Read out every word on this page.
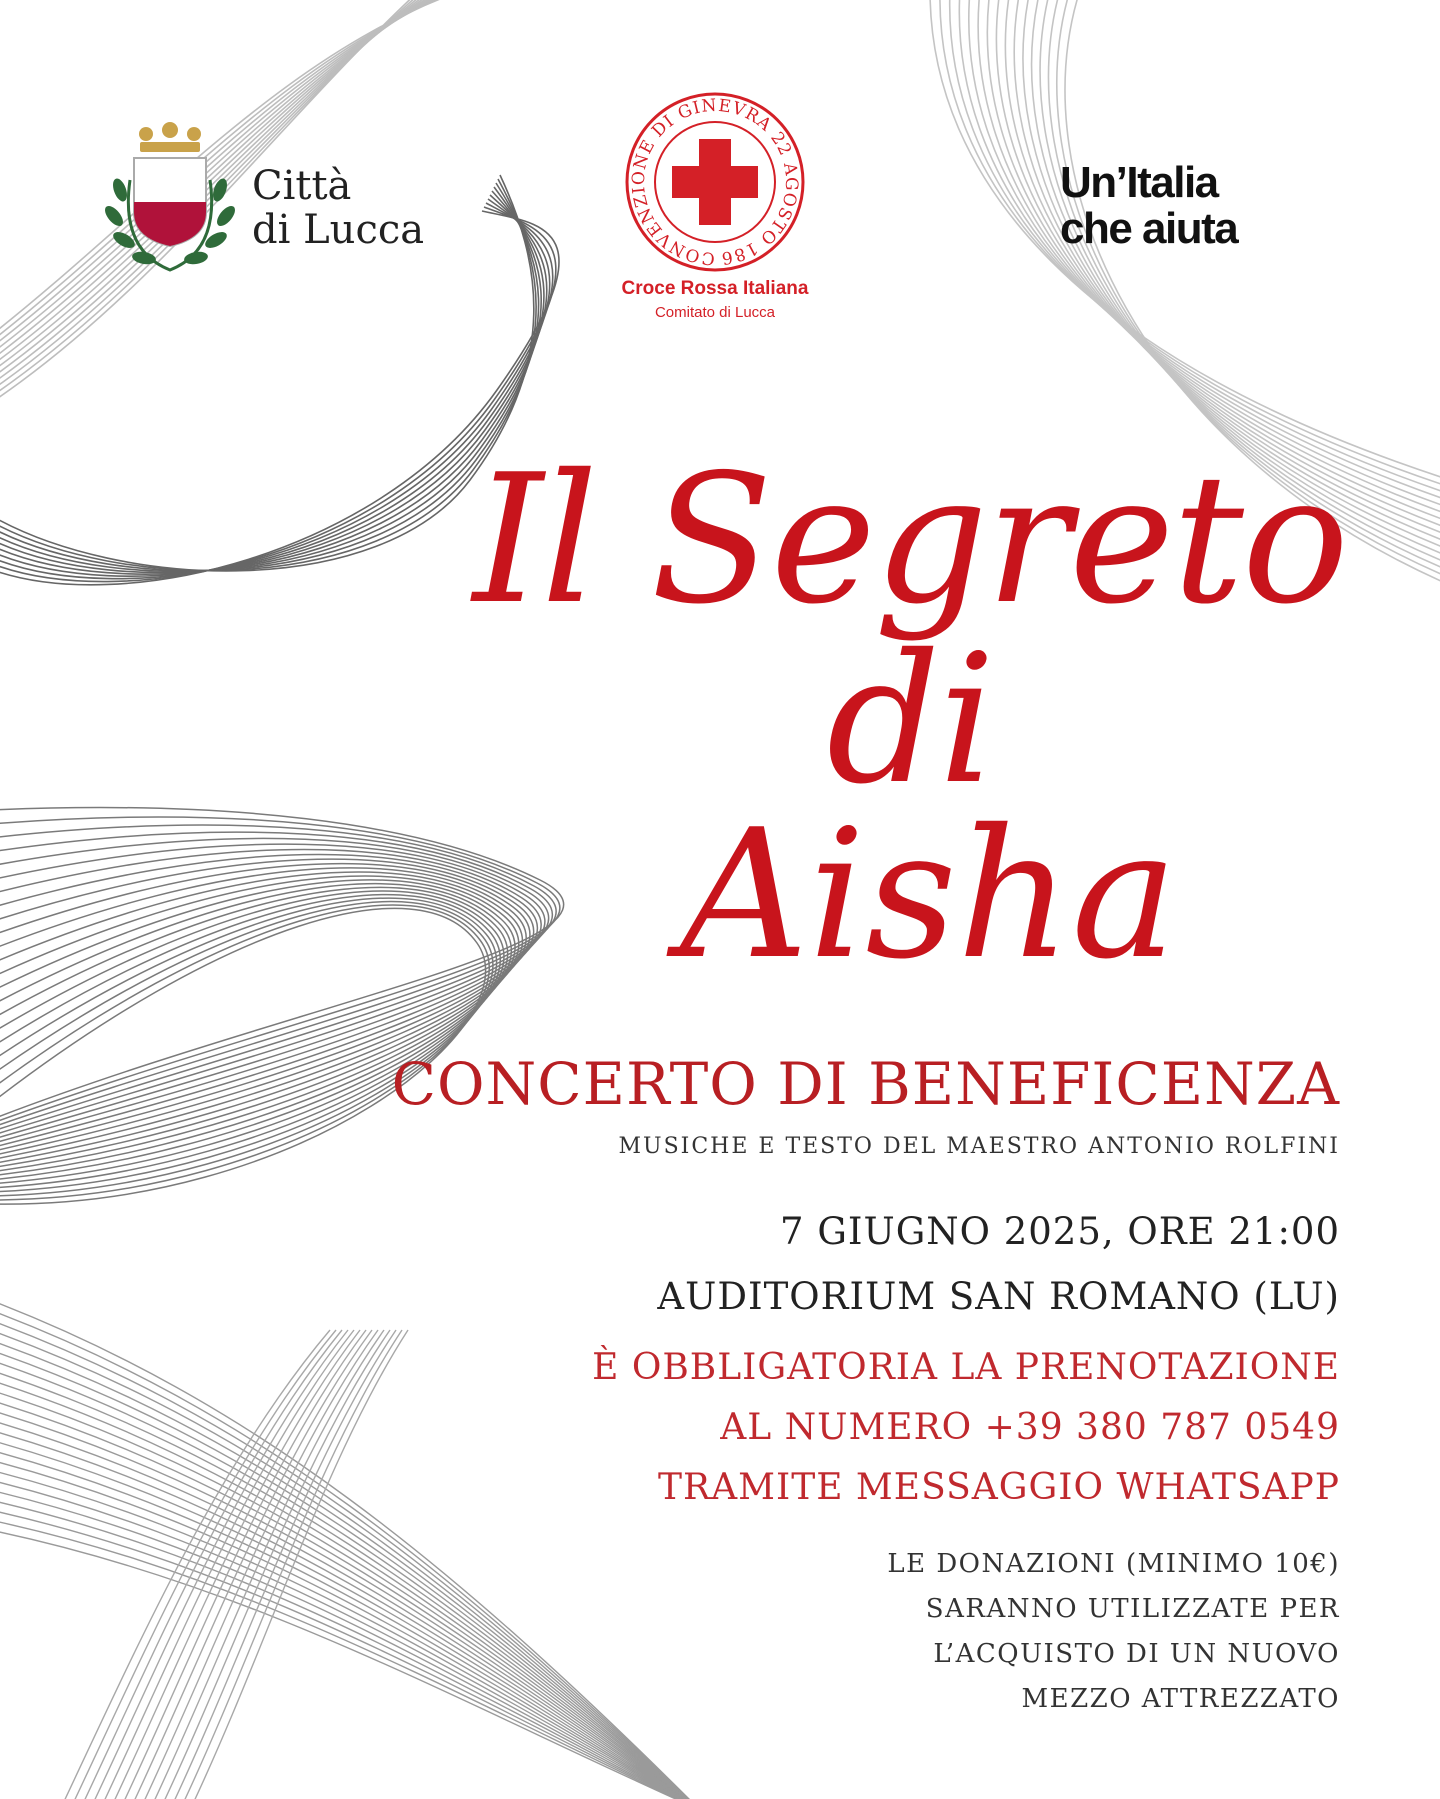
Città
di Lucca
CONVENZIONE DI GINEVRA 22 AGOSTO 186
Croce Rossa Italiana
Comitato di Lucca
Un’Italia
che aiuta
Il Segreto di
Aisha
CONCERTO DI BENEFICENZA
MUSICHE E TESTO DEL MAESTRO ANTONIO ROLFINI
7 GIUGNO 2025, ORE 21:00
AUDITORIUM SAN ROMANO (LU)
È OBBLIGATORIA LA PRENOTAZIONE
AL NUMERO +39 380 787 0549
TRAMITE MESSAGGIO WHATSAPP
LE DONAZIONI (MINIMO 10€)
SARANNO UTILIZZATE PER
L’ACQUISTO DI UN NUOVO
MEZZO ATTREZZATO
